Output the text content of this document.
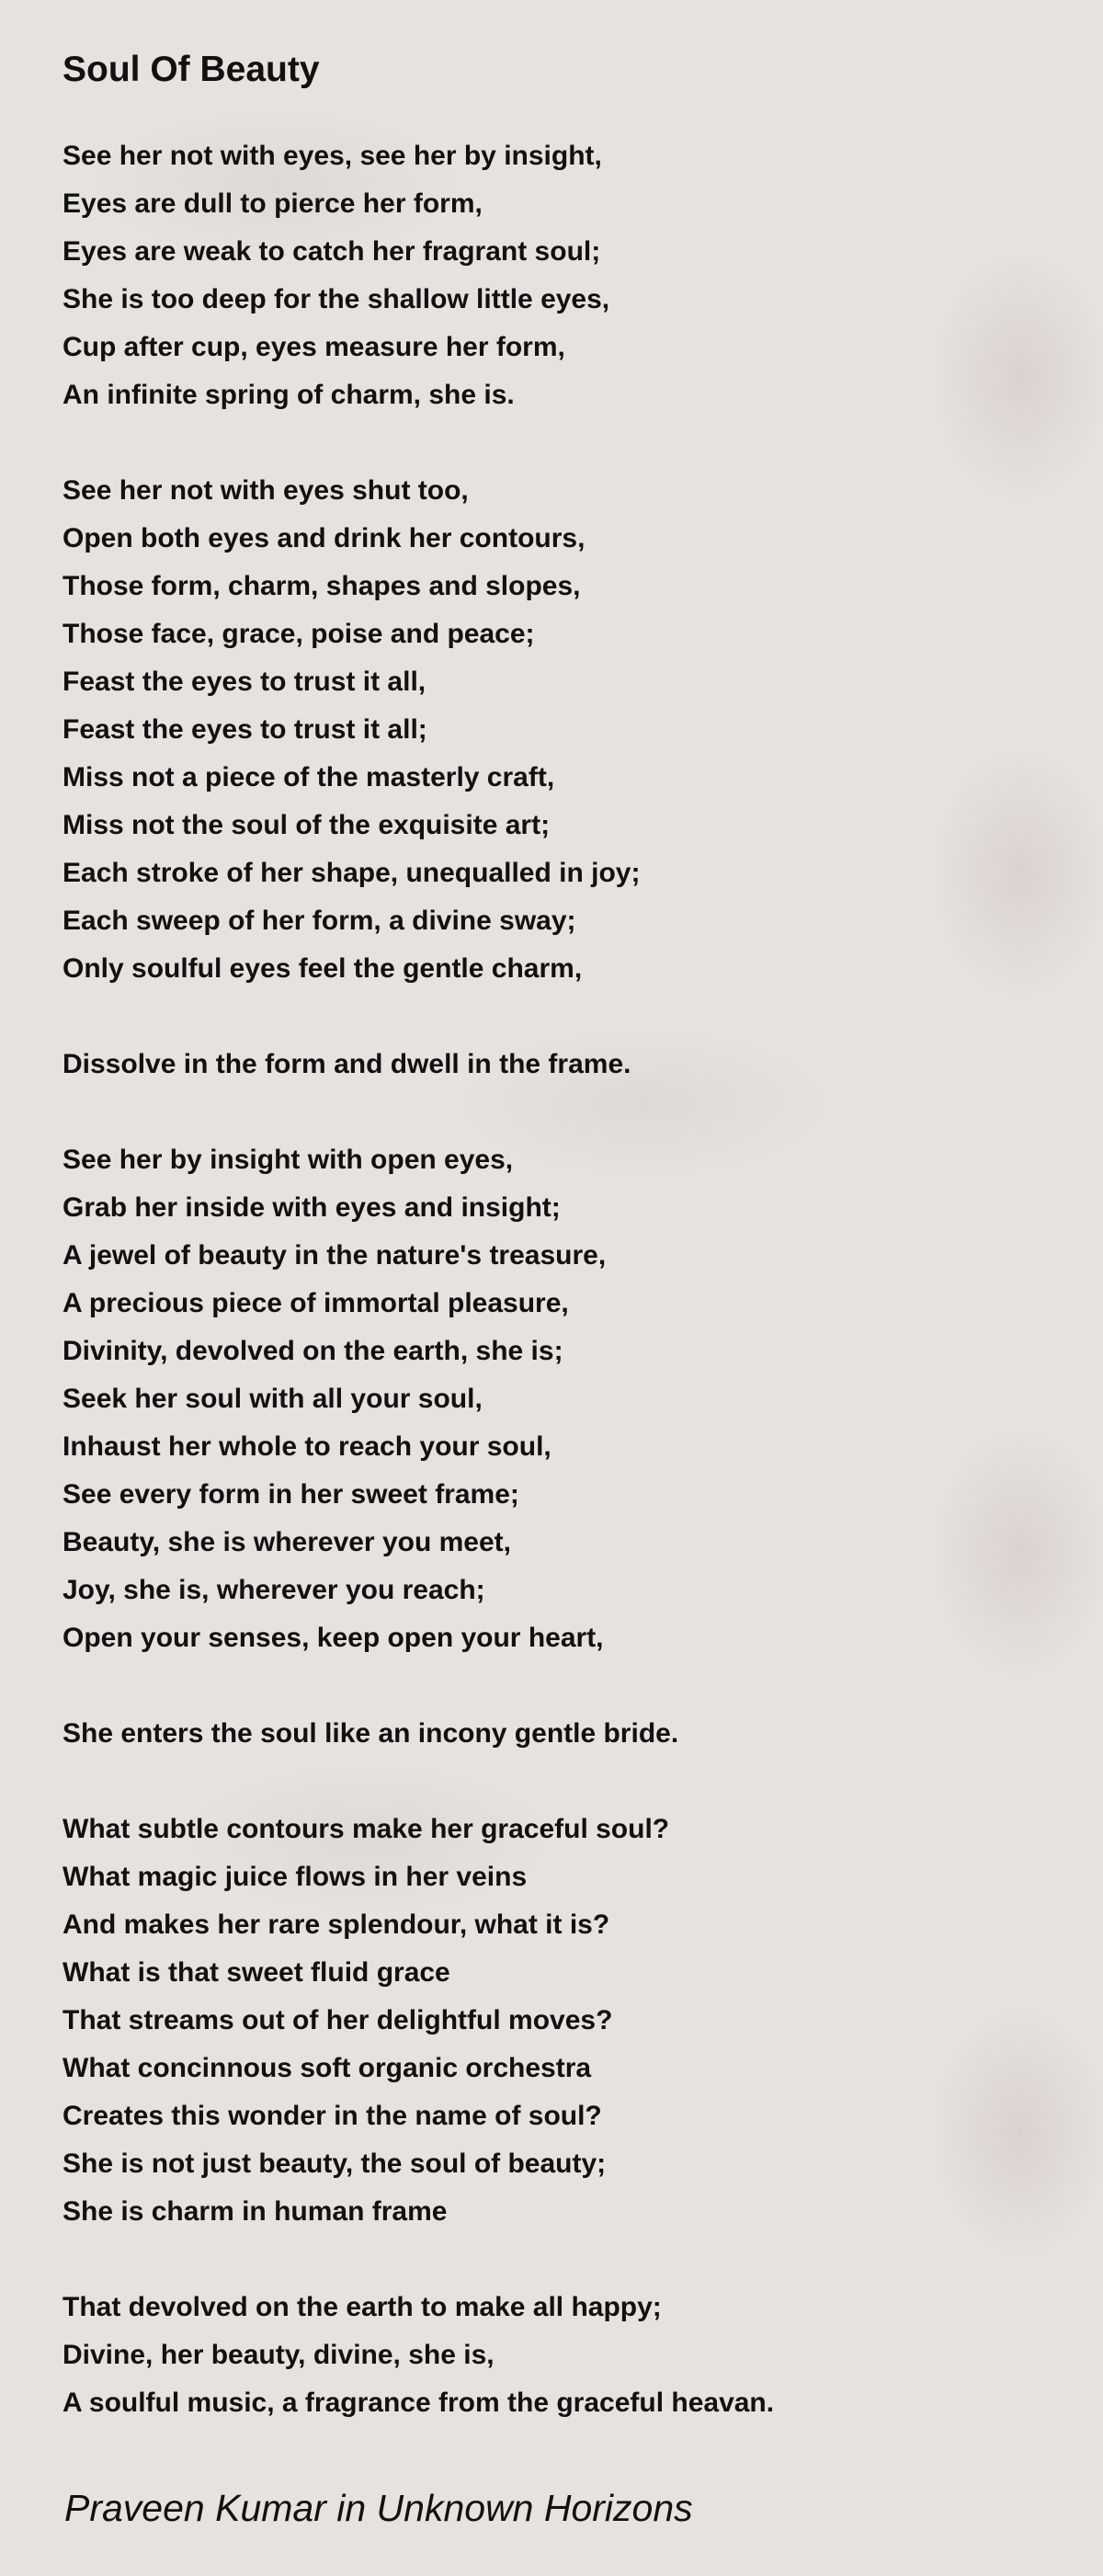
Soul Of Beauty
See her not with eyes, see her by insight,
Eyes are dull to pierce her form,
Eyes are weak to catch her fragrant soul;
She is too deep for the shallow little eyes,
Cup after cup, eyes measure her form,
An infinite spring of charm, she is.
See her not with eyes shut too,
Open both eyes and drink her contours,
Those form, charm, shapes and slopes,
Those face, grace, poise and peace;
Feast the eyes to trust it all,
Feast the eyes to trust it all;
Miss not a piece of the masterly craft,
Miss not the soul of the exquisite art;
Each stroke of her shape, unequalled in joy;
Each sweep of her form, a divine sway;
Only soulful eyes feel the gentle charm,
Dissolve in the form and dwell in the frame.
See her by insight with open eyes,
Grab her inside with eyes and insight;
A jewel of beauty in the nature's treasure,
A precious piece of immortal pleasure,
Divinity, devolved on the earth, she is;
Seek her soul with all your soul,
Inhaust her whole to reach your soul,
See every form in her sweet frame;
Beauty, she is wherever you meet,
Joy, she is, wherever you reach;
Open your senses, keep open your heart,
She enters the soul like an incony gentle bride.
What subtle contours make her graceful soul?
What magic juice flows in her veins
And makes her rare splendour, what it is?
What is that sweet fluid grace
That streams out of her delightful moves?
What concinnous soft organic orchestra
Creates this wonder in the name of soul?
She is not just beauty, the soul of beauty;
She is charm in human frame
That devolved on the earth to make all happy;
Divine, her beauty, divine, she is,
A soulful music, a fragrance from the graceful heavan.
Praveen Kumar in Unknown Horizons
